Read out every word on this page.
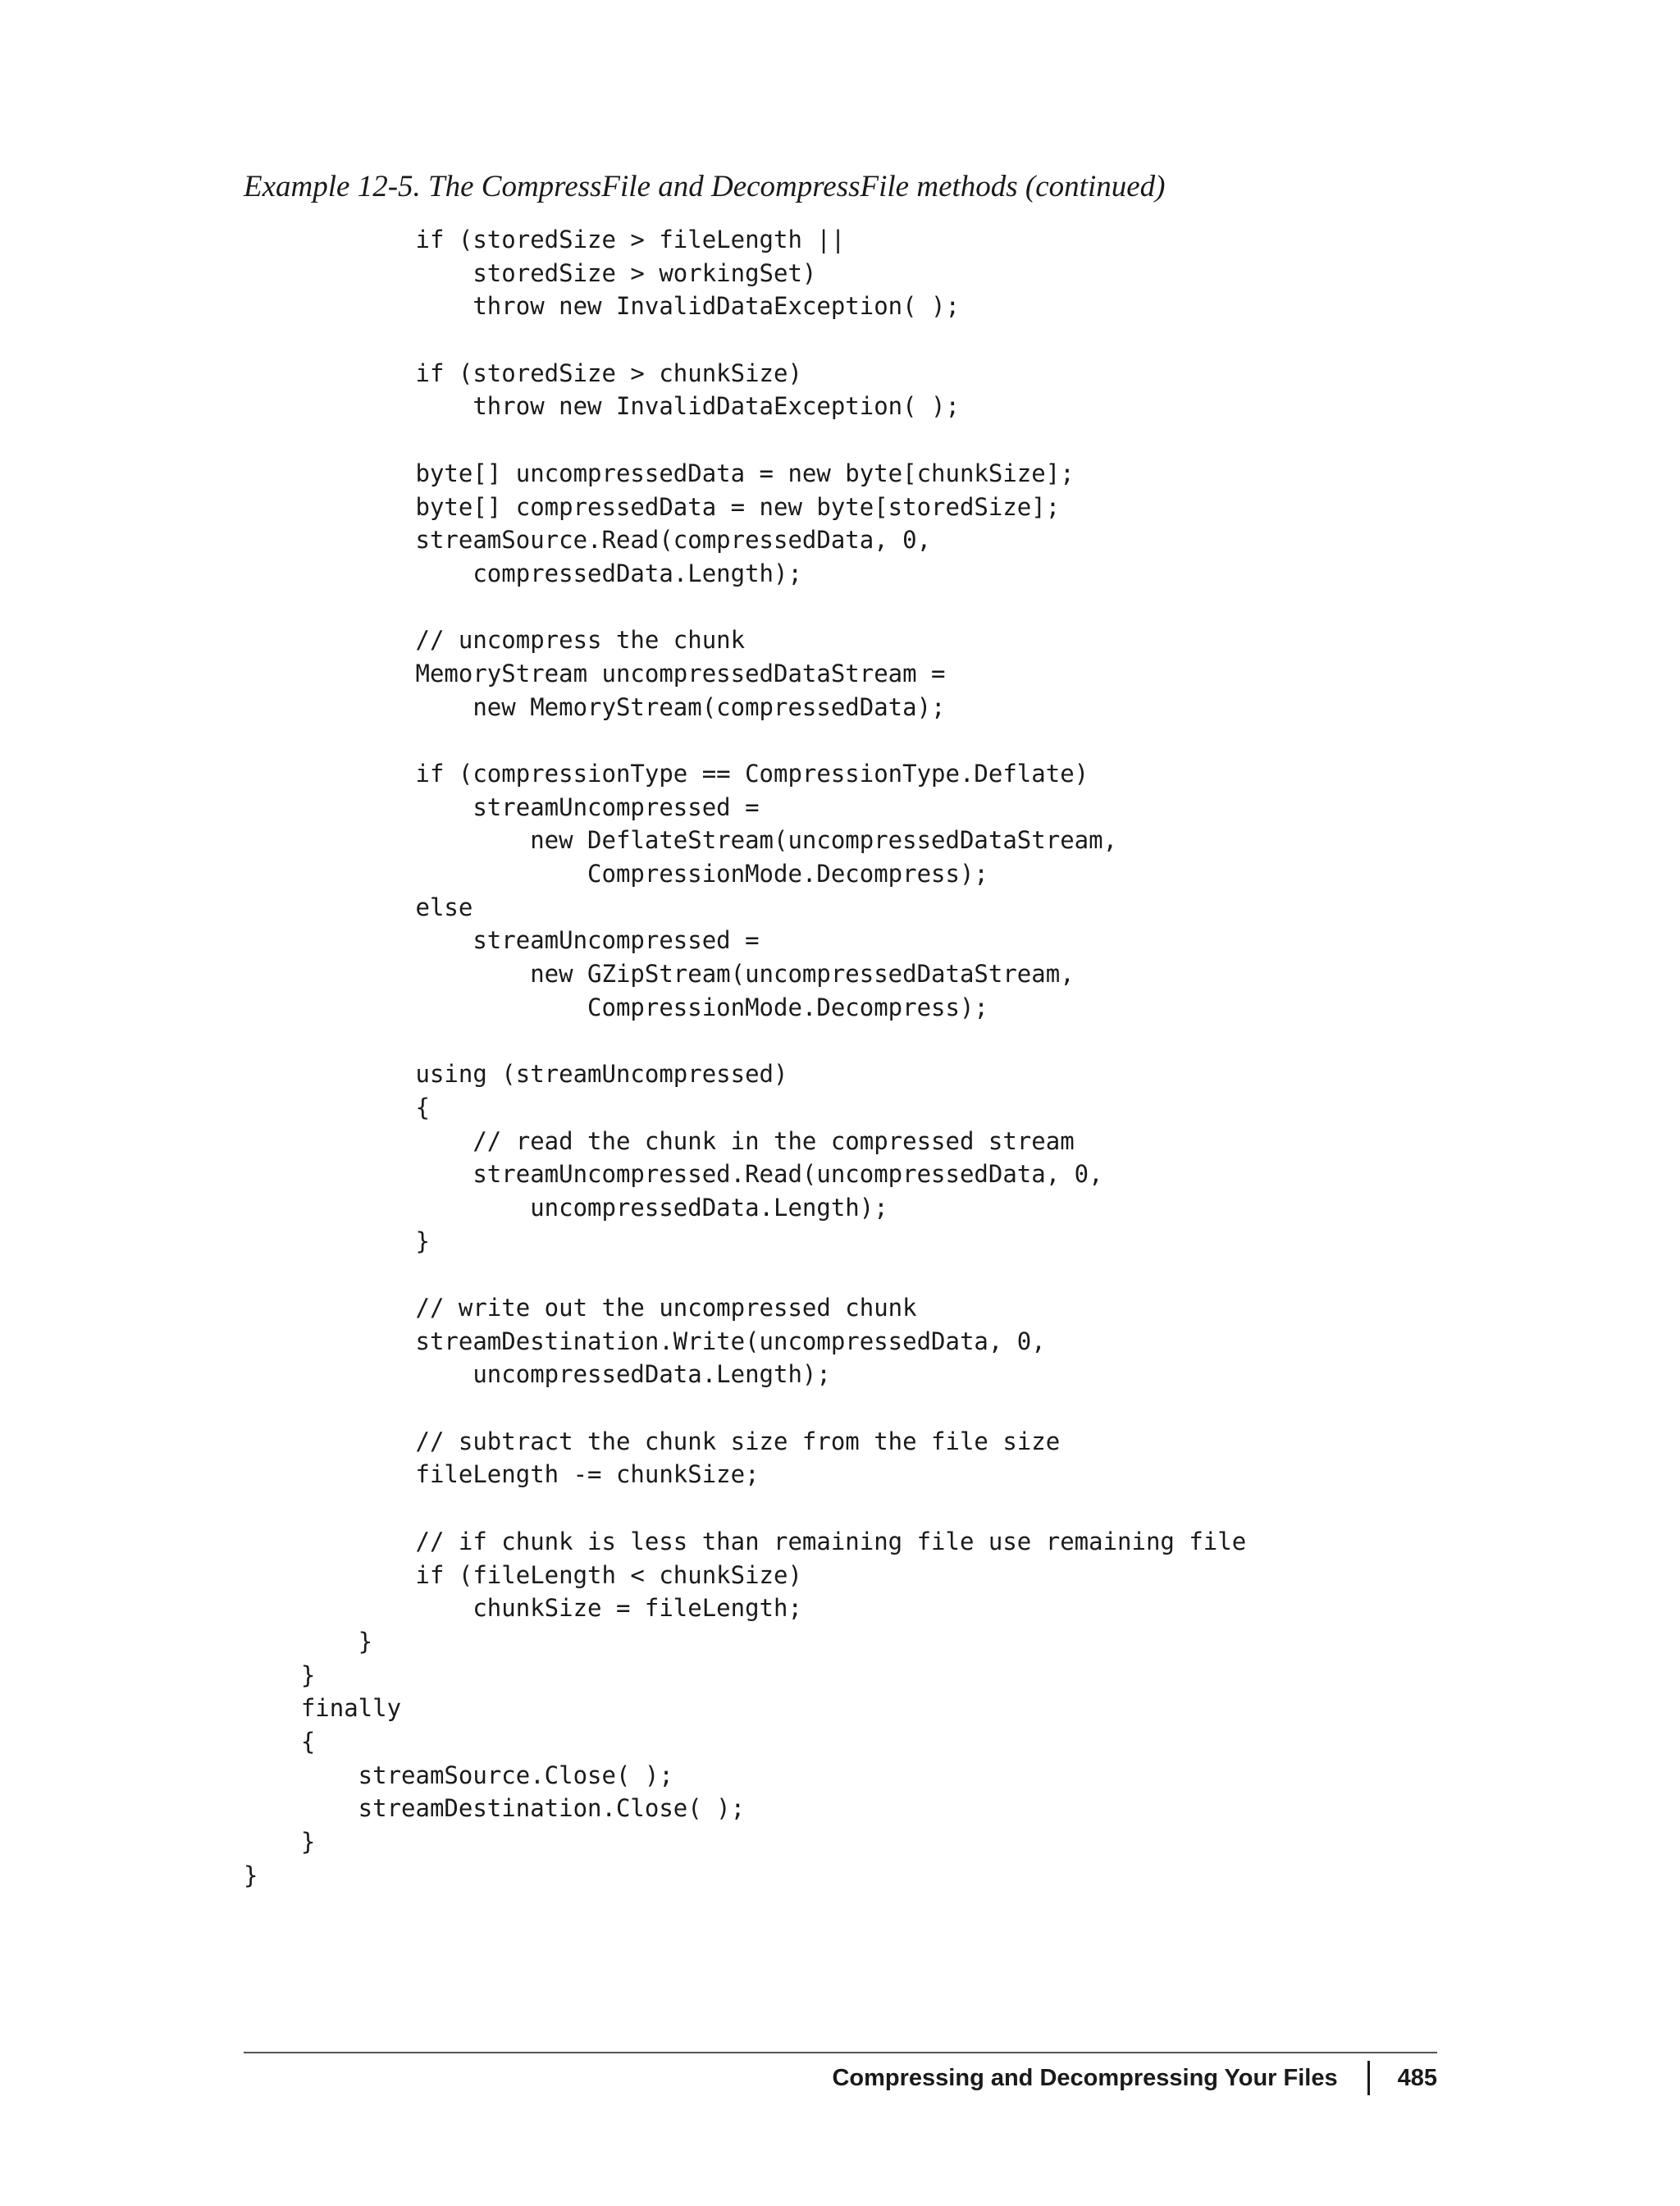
Example 12-5. The CompressFile and DecompressFile methods (continued)

if (storedSize > fileLength ||
storedSize > workingSet)
throw new InvalidDataException( );
if (storedSize > chunkSize)
throw new InvalidDataException( );
byte[] uncompressedData = new byte[chunkSize];
byte[] compressedData = new byte[storedSize];
streamSource.Read(compressedData, 0,
compressedData.Length);
// uncompress the chunk
MemoryStream uncompressedDataStream =
new MemoryStream(compressedData);
if (compressionType == CompressionType.Deflate)
streamUncompressed =
new DeflateStream(uncompressedDataStream,
CompressionMode.Decompress);
else
streamUncompressed =
new GZipStream(uncompressedDataStream,
CompressionMode.Decompress);
using (streamUncompressed)
{
// read the chunk in the compressed stream
streamUncompressed.Read(uncompressedData, 0,
uncompressedData.Length);
}
// write out the uncompressed chunk
streamDestination.Write(uncompressedData, 0,
uncompressedData.Length);
// subtract the chunk size from the file size
fileLength -= chunkSize;
// if chunk is less than remaining file use remaining file
if (fileLength < chunkSize)
chunkSize = fileLength;
}
}
finally
{
streamSource.Close( );
streamDestination.Close( );
}
}
Compressing and Decompressing Your Files	485
